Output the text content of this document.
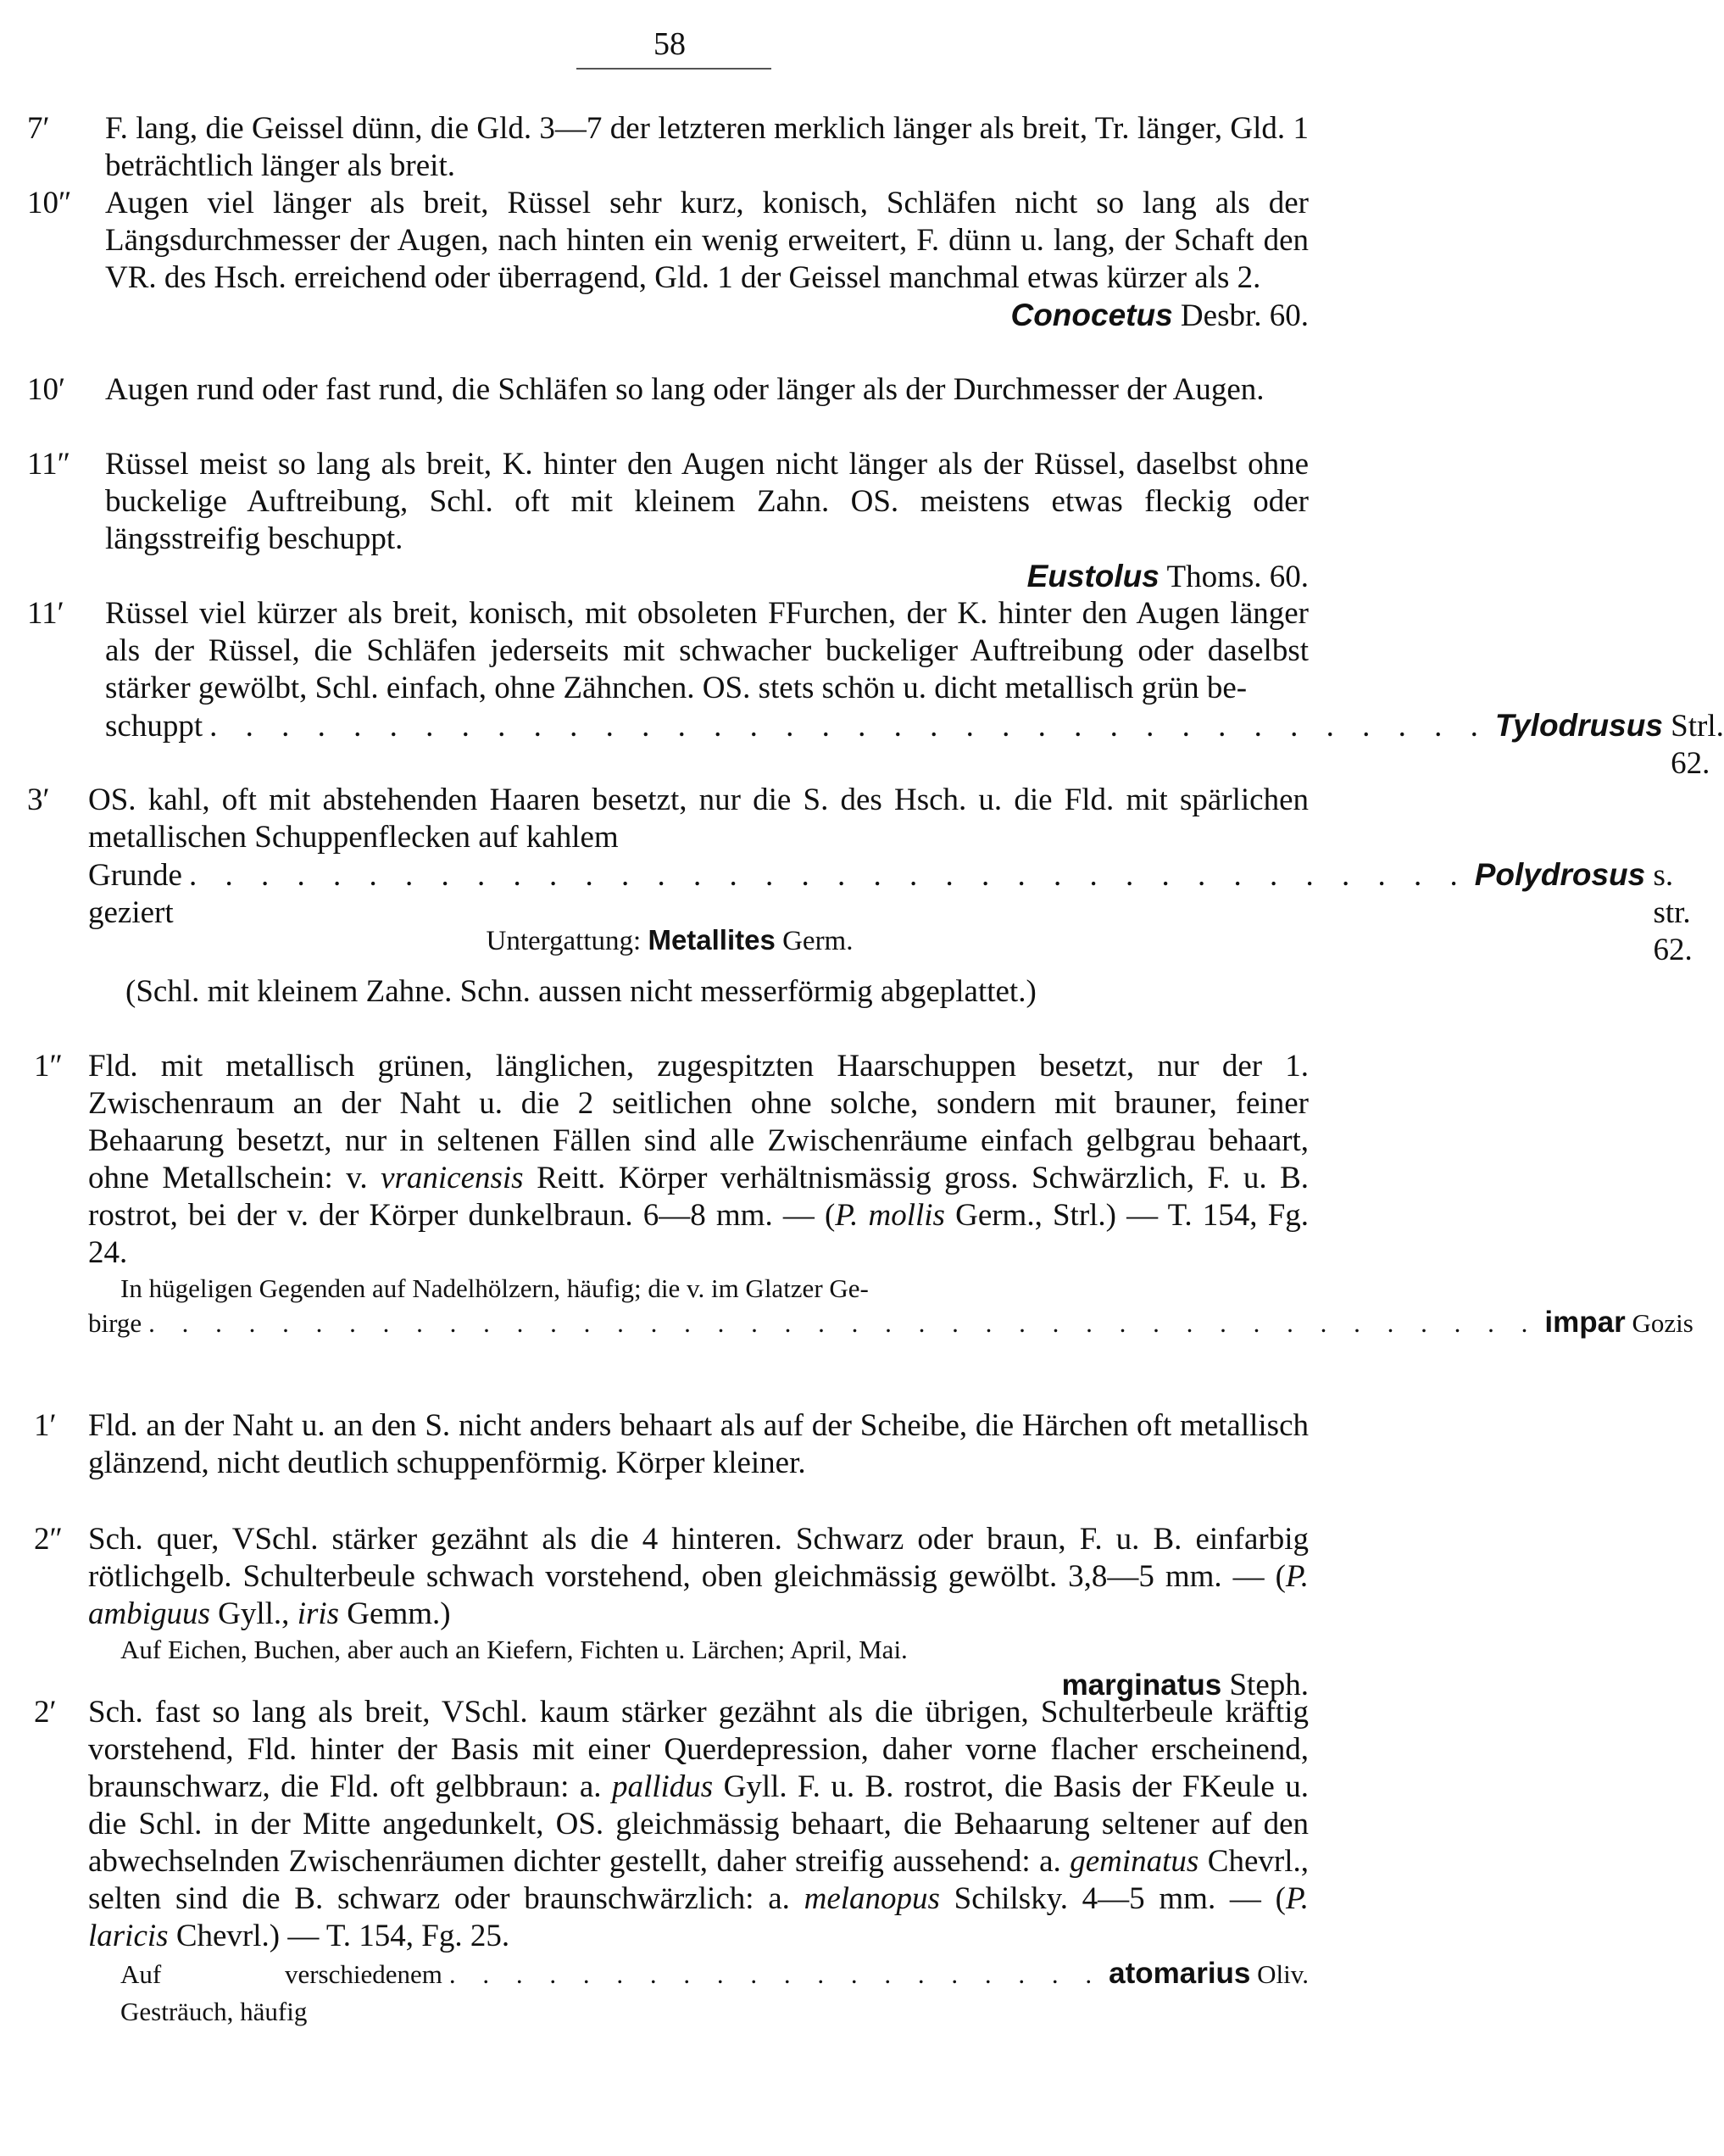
58
7′ F. lang, die Geissel dünn, die Gld. 3—7 der letzteren merklich länger als breit, Tr. länger, Gld. 1 beträchtlich länger als breit.
10″ Augen viel länger als breit, Rüssel sehr kurz, konisch, Schläfen nicht so lang als der Längsdurchmesser der Augen, nach hinten ein wenig erweitert, F. dünn u. lang, der Schaft den VR. des Hsch. erreichend oder überragend, Gld. 1 der Geissel manchmal etwas kürzer als 2.
Conocetus Desbr. 60.
10′ Augen rund oder fast rund, die Schläfen so lang oder länger als der Durchmesser der Augen.
11″ Rüssel meist so lang als breit, K. hinter den Augen nicht länger als der Rüssel, daselbst ohne buckelige Auftreibung, Schl. oft mit kleinem Zahn. OS. meistens etwas fleckig oder längsstreifig beschuppt.
Eustolus Thoms. 60.
11′ Rüssel viel kürzer als breit, konisch, mit obsoleten FFurchen, der K. hinter den Augen länger als der Rüssel, die Schläfen jederseits mit schwacher buckeliger Auftreibung oder daselbst stärker gewölbt, Schl. einfach, ohne Zähnchen. OS. stets schön u. dicht metallisch grün be-
schuppt . . . . . . . . . . . . . . . . . . . . . . . . . . . . . . . . . . . . Tylodrusus
Strl. 62.
3′ OS. kahl, oft mit abstehenden Haaren besetzt, nur die S. des Hsch. u. die Fld. mit spärlichen metallischen Schuppenflecken auf kahlem
Grunde geziert
. . . . . . . . . . . . . . . . . . . . . . . . . . . . . . . . . . . . Polydrosus
s. str. 62.
Untergattung: Metallites Germ.
(Schl. mit kleinem Zahne. Schn. aussen nicht messerförmig abgeplattet.)
1″ Fld. mit metallisch grünen, länglichen, zugespitzten Haarschuppen besetzt, nur der 1. Zwischenraum an der Naht u. die 2 seitlichen ohne solche, sondern mit brauner, feiner Behaarung besetzt, nur in seltenen Fällen sind alle Zwischenräume einfach gelbgrau behaart, ohne Metallschein: v. vranicensis Reitt. Körper verhältnismässig gross. Schwärzlich, F. u. B. rostrot, bei der v. der Körper dunkelbraun. 6—8 mm. — (P. mollis Germ., Strl.) — T. 154, Fg. 24.
In hügeligen Gegenden auf Nadelhölzern, häufig; die v. im Glatzer Ge-
birge . . . . . . . . . . . . . . . . . . . . . . . . . . . . . . . . . . . . . . . . . . impar
Gozis
1′ Fld. an der Naht u. an den S. nicht anders behaart als auf der Scheibe, die Härchen oft metallisch glänzend, nicht deutlich schuppenförmig. Körper kleiner.
2″ Sch. quer, VSchl. stärker gezähnt als die 4 hinteren. Schwarz oder braun, F. u. B. einfarbig rötlichgelb. Schulterbeule schwach vorstehend, oben gleichmässig gewölbt. 3,8—5 mm. — (P. ambiguus Gyll., iris Gemm.)
Auf Eichen, Buchen, aber auch an Kiefern, Fichten u. Lärchen; April, Mai.
marginatus Steph.
2′ Sch. fast so lang als breit, VSchl. kaum stärker gezähnt als die übrigen, Schulterbeule kräftig vorstehend, Fld. hinter der Basis mit einer Querdepression, daher vorne flacher erscheinend, braunschwarz, die Fld. oft gelbbraun: a. pallidus Gyll. F. u. B. rostrot, die Basis der FKeule u. die Schl. in der Mitte angedunkelt, OS. gleichmässig behaart, die Behaarung seltener auf den abwechselnden Zwischenräumen dichter gestellt, daher streifig aussehend: a. geminatus Chevrl., selten sind die B. schwarz oder braunschwärzlich: a. melanopus Schilsky. 4—5 mm. — (P. laricis Chevrl.) — T. 154, Fg. 25.
Auf verschiedenem Gesträuch, häufig
. . . . . . . . . . . . . . . . . . . . atomarius
Oliv.
